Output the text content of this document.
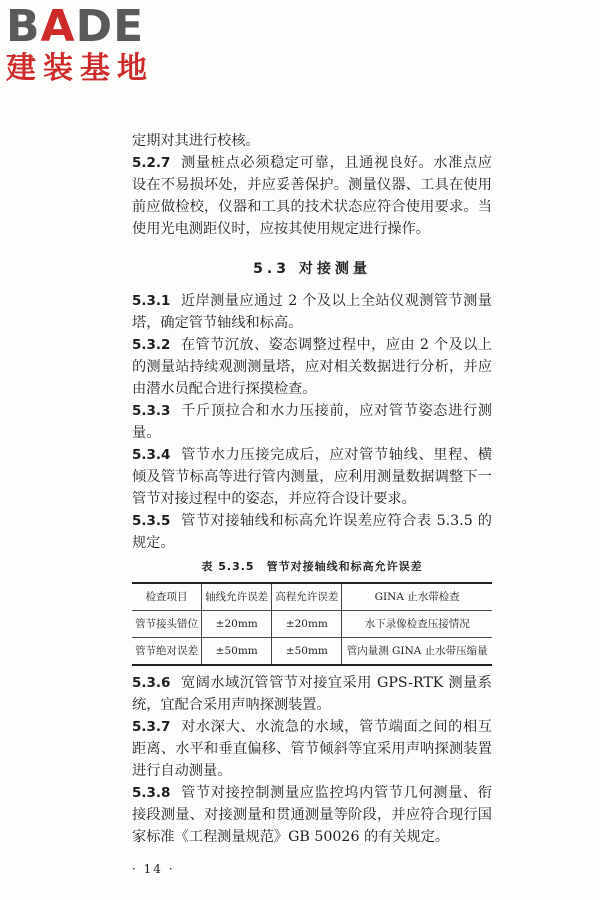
BADE
建装基地

定期对其进行校核。

5.2.7 测量桩点必须稳定可靠，且通视良好。水准点应设在不易损坏处，并应妥善保护。测量仪器、工具在使用前应做检校，仪器和工具的技术状态应符合使用要求。当使用光电测距仪时，应按其使用规定进行操作。

5.3 对接测量

5.3.1 近岸测量应通过 2 个及以上全站仪观测管节测量塔，确定管节轴线和标高。

5.3.2 在管节沉放、姿态调整过程中，应由 2 个及以上的测量站持续观测测量塔，应对相关数据进行分析，并应由潜水员配合进行探摸检查。

5.3.3 千斤顶拉合和水力压接前，应对管节姿态进行测量。

5.3.4 管节水力压接完成后，应对管节轴线、里程、横倾及管节标高等进行管内测量，应利用测量数据调整下一管节对接过程中的姿态，并应符合设计要求。

5.3.5 管节对接轴线和标高允许误差应符合表 5.3.5 的规定。

表 5.3.5　管节对接轴线和标高允许误差
检查项目	轴线允许误差	高程允许误差	GINA 止水带检查
管节接头错位	±20mm	±20mm	水下录像检查压接情况
管节绝对误差	±50mm	±50mm	管内量测 GINA 止水带压缩量

5.3.6 宽阔水域沉管管节对接宜采用 GPS-RTK 测量系统，宜配合采用声呐探测装置。

5.3.7 对水深大、水流急的水域，管节端面之间的相互距离、水平和垂直偏移、管节倾斜等宜采用声呐探测装置进行自动测量。

5.3.8 管节对接控制测量应监控坞内管节几何测量、衔接段测量、对接测量和贯通测量等阶段，并应符合现行国家标准《工程测量规范》GB 50026 的有关规定。

· 14 ·
